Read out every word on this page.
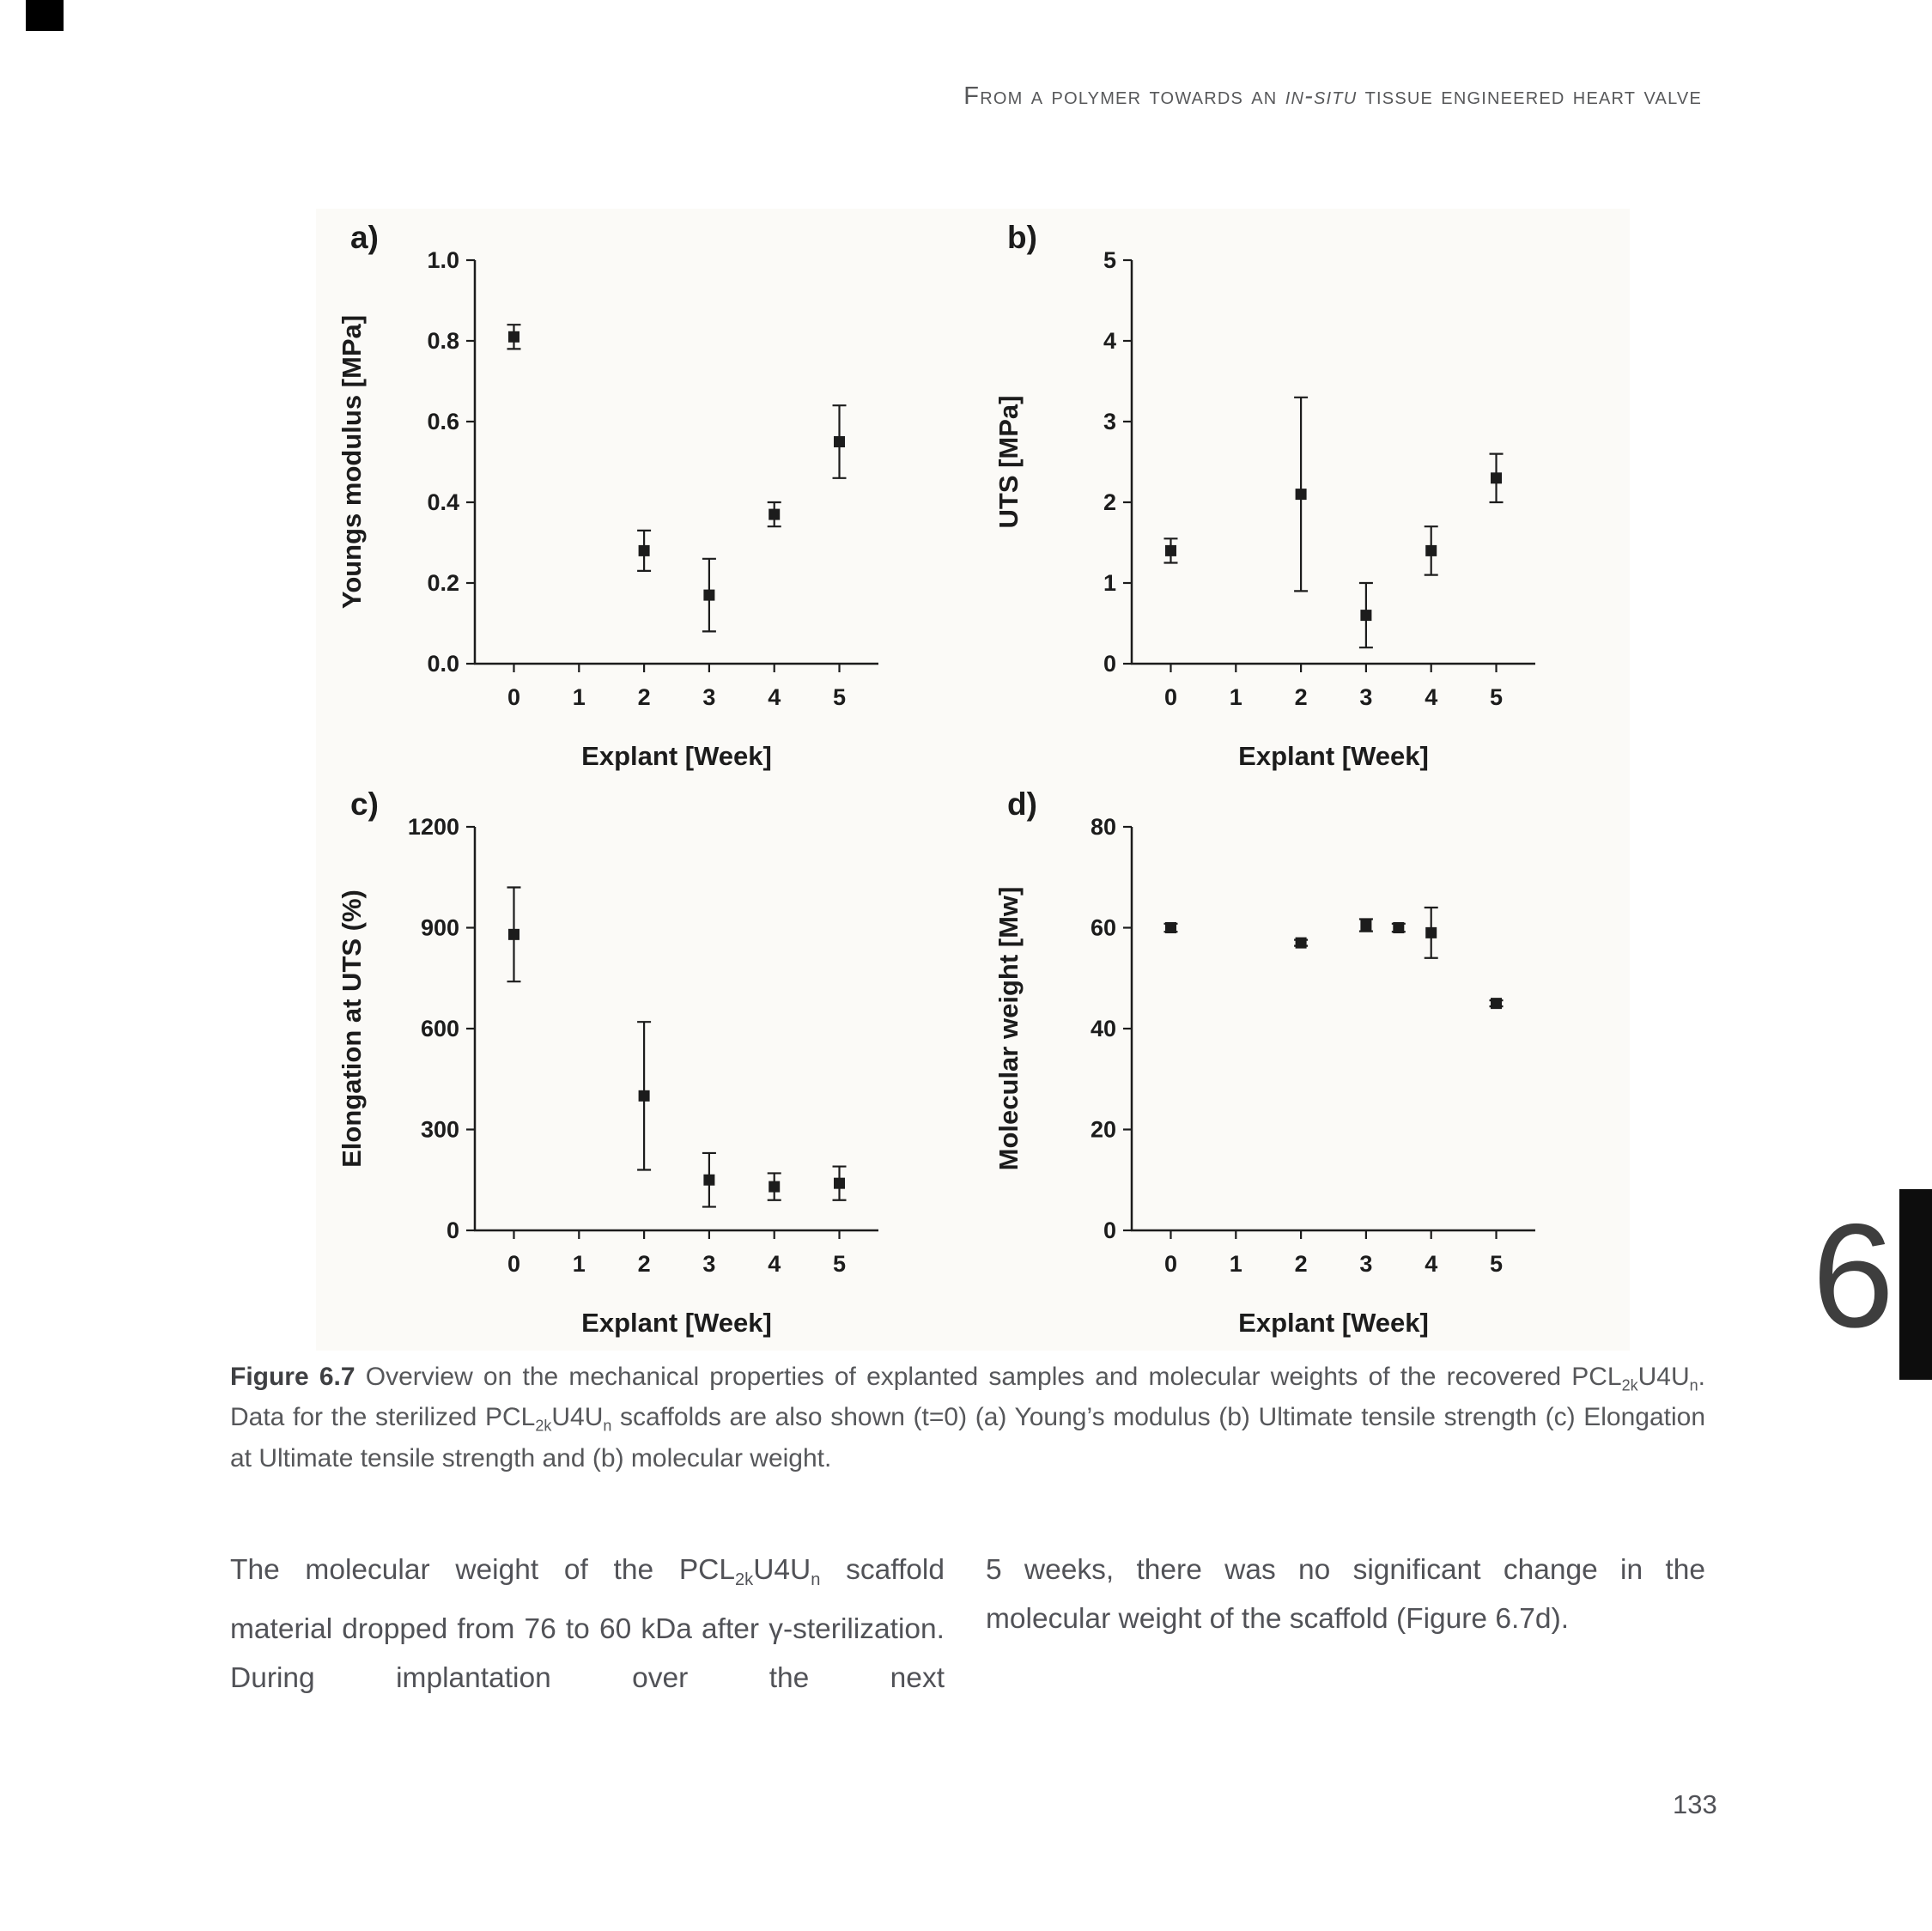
From a polymer towards an in-situ tissue engineered heart valve
0 1 2 3 4 5
0.0
0.2
0.4
0.6
0.8
1.0
Explant [Week]
Youngs modulus [MPa]
a)
0 1 2 3 4 5
0
1
2
3
4
5
Explant [Week]
UTS [MPa]
b)
0 1 2 3 4 5
0
300
600
900
1200
Explant [Week]
Elongation at UTS (%)
c)
0 1 2 3 4 5
0
20
40
60
80
Explant [Week]
Molecular weight [Mw]
d)
6

Figure 6.7 Overview on the mechanical properties of explanted samples and molecular weights of the recovered $PCL_{2k}U4U_n$. Data for the sterilized $PCL_{2k}U4U_n$ scaffolds are also shown (t=0) (a) Young’s modulus (b) Ultimate tensile strength (c) Elongation at Ultimate tensile strength and (b) molecular weight.

The molecular weight of the $PCL_{2k}U4U_n$ scaffold material dropped from 76 to 60 kDa after γ-sterilization. During implantation over the next
5 weeks, there was no significant change in the molecular weight of the scaffold (Figure 6.7d).
133
